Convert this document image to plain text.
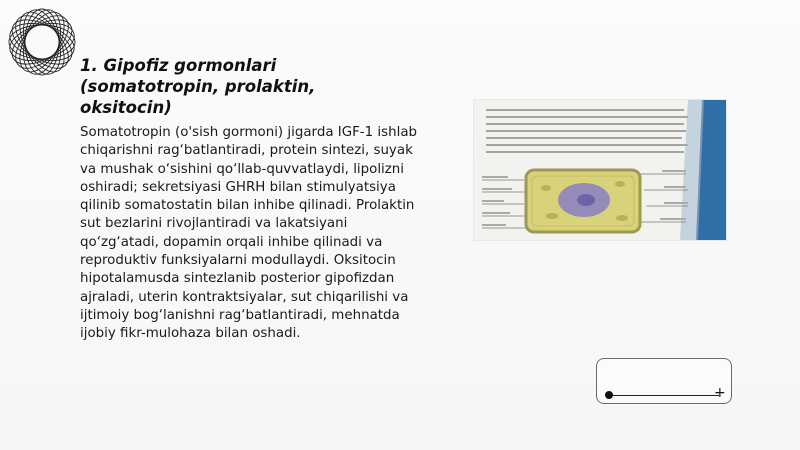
1. Gipofiz gormonlari (somatotropin, prolaktin, oksitocin)

Somatotropin (o'sish gormoni) jigarda IGF-1 ishlab chiqarishni rag‘batlantiradi, protein sintezi, suyak va mushak o‘sishini qo‘llab-quvvatlaydi, lipolizni oshiradi; sekretsiyasi GHRH bilan stimulyatsiya qilinib somatostatin bilan inhibe qilinadi. Prolaktin sut bezlarini rivojlantiradi va lakatsiyani qo‘zg‘atadi, dopamin orqali inhibe qilinadi va reproduktiv funksiyalarni modullaydi. Oksitocin hipotalamusda sintezlanib posterior gipofizdan ajraladi, uterin kontraktsiyalar, sut chiqarilishi va ijtimoiy bog‘lanishni rag‘batlantiradi, mehnatda ijobiy fikr-mulohaza bilan oshadi.

+
